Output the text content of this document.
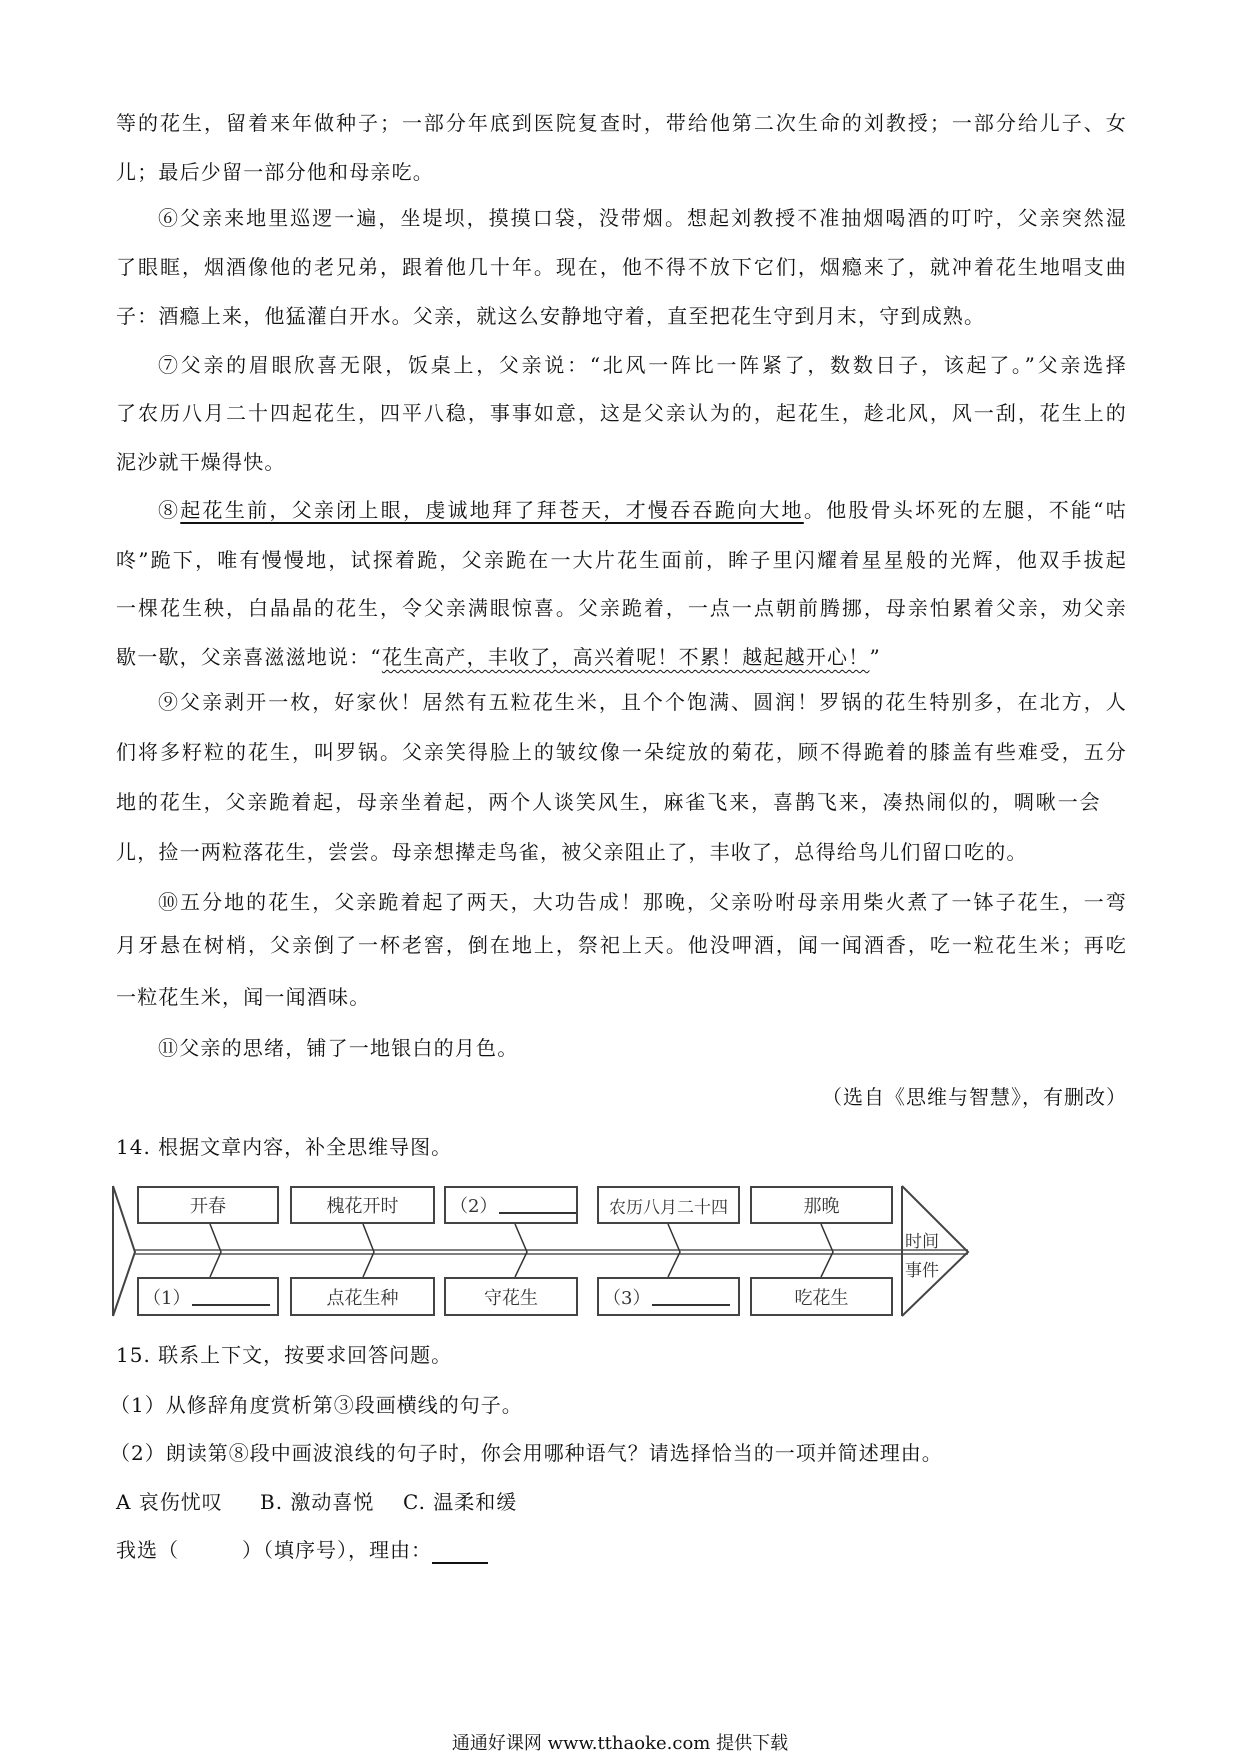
等的花生，留着来年做种子；一部分年底到医院复查时，带给他第二次生命的刘教授；一部分给儿子、女
儿；最后少留一部分他和母亲吃。
⑥父亲来地里巡逻一遍，坐堤坝，摸摸口袋，没带烟。想起刘教授不准抽烟喝酒的叮咛，父亲突然湿
了眼眶，烟酒像他的老兄弟，跟着他几十年。现在，他不得不放下它们，烟瘾来了，就冲着花生地唱支曲
子：酒瘾上来，他猛灌白开水。父亲，就这么安静地守着，直至把花生守到月末，守到成熟。
⑦父亲的眉眼欣喜无限，饭桌上，父亲说：“北风一阵比一阵紧了，数数日子，该起了。”父亲选择
了农历八月二十四起花生，四平八稳，事事如意，这是父亲认为的，起花生，趁北风，风一刮，花生上的
泥沙就干燥得快。
⑧起花生前，父亲闭上眼，虔诚地拜了拜苍天，才慢吞吞跪向大地。他股骨头坏死的左腿，不能“咕
咚”跪下，唯有慢慢地，试探着跪，父亲跪在一大片花生面前，眸子里闪耀着星星般的光辉，他双手拔起
一棵花生秧，白晶晶的花生，令父亲满眼惊喜。父亲跪着，一点一点朝前腾挪，母亲怕累着父亲，劝父亲
歇一歇，父亲喜滋滋地说：“花生高产，丰收了，高兴着呢！不累！越起越开心！”
⑨父亲剥开一枚，好家伙！居然有五粒花生米，且个个饱满、圆润！罗锅的花生特别多，在北方，人
们将多籽粒的花生，叫罗锅。父亲笑得脸上的皱纹像一朵绽放的菊花，顾不得跪着的膝盖有些难受，五分
地的花生，父亲跪着起，母亲坐着起，两个人谈笑风生，麻雀飞来，喜鹊飞来，凑热闹似的，啁啾一会
儿，捡一两粒落花生，尝尝。母亲想撵走鸟雀，被父亲阻止了，丰收了，总得给鸟儿们留口吃的。
⑩五分地的花生，父亲跪着起了两天，大功告成！那晚，父亲吩咐母亲用柴火煮了一钵子花生，一弯
月牙悬在树梢，父亲倒了一杯老窖，倒在地上，祭祀上天。他没呷酒，闻一闻酒香，吃一粒花生米；再吃
一粒花生米，闻一闻酒味。
⑪父亲的思绪，铺了一地银白的月色。
（选自《思维与智慧》，有删改）
14. 根据文章内容，补全思维导图。
开春	槐花开时	（2）	农历八月二十四	那晚
（1）	点花生种	守花生	（3）	吃花生
时间
事件
15. 联系上下文，按要求回答问题。
（1）从修辞角度赏析第③段画横线的句子。
（2）朗读第⑧段中画波浪线的句子时，你会用哪种语气？请选择恰当的一项并简述理由。
A 哀伤忧叹 B. 激动喜悦 C. 温柔和缓
我选（　　　）（填序号），理由：
通通好课网 www.tthaoke.com 提供下载
